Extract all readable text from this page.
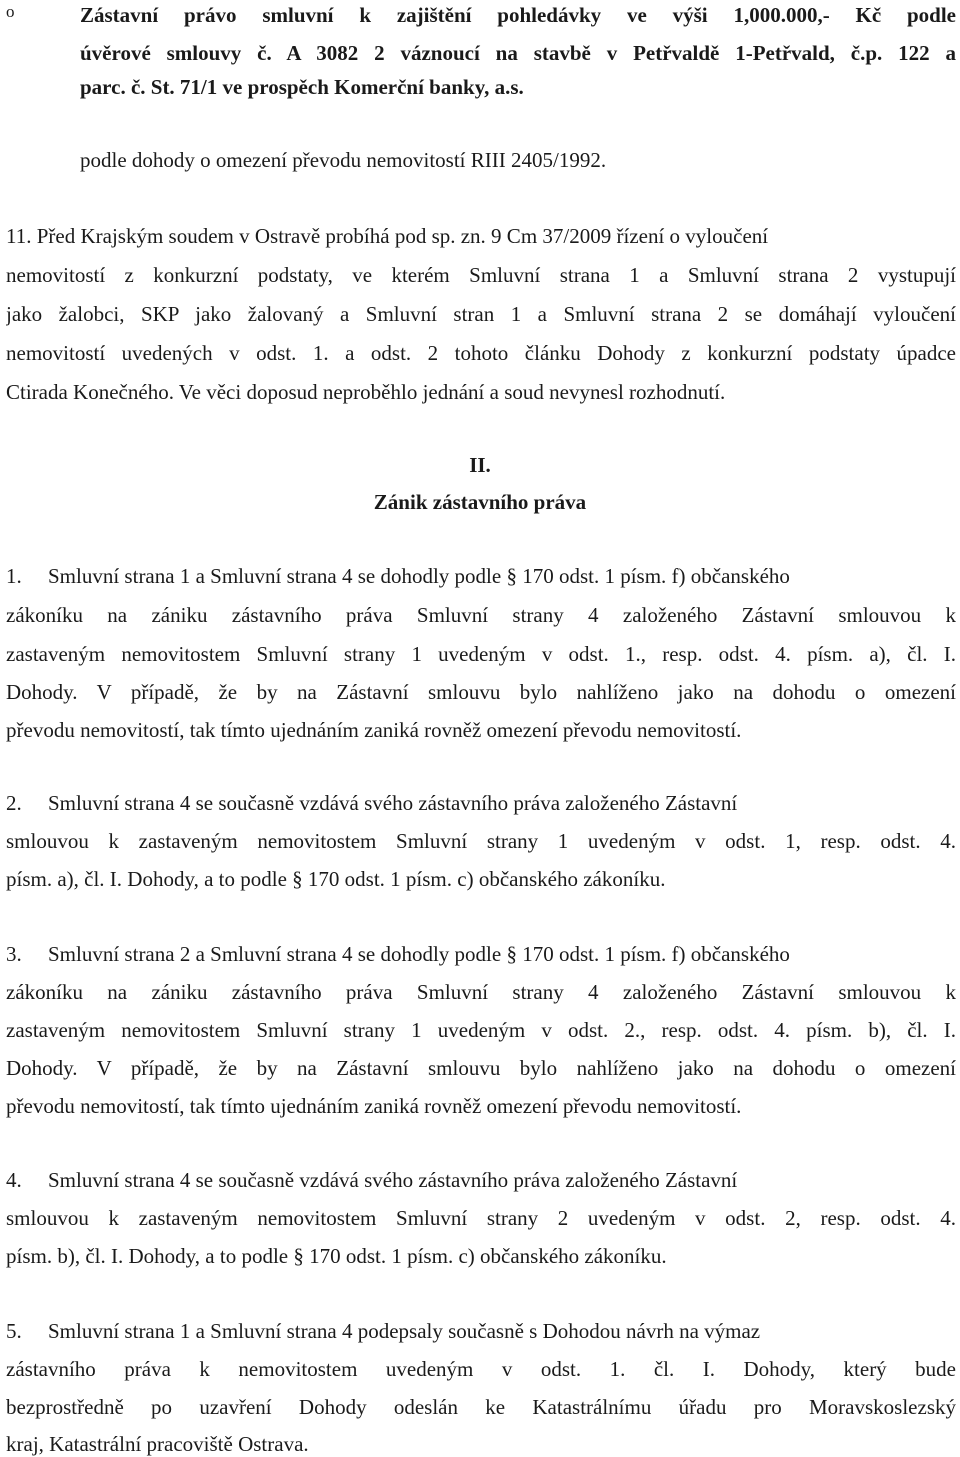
Zástavní právo smluvní k zajištění pohledávky ve výši 1,000.000,- Kč podle
o
úvěrové smlouvy č. A 3082 2 váznoucí na stavbě v Petřvaldě 1-Petřvald, č.p. 122 a
parc. č. St. 71/1 ve prospěch Komerční banky, a.s.
podle dohody o omezení převodu nemovitostí RIII 2405/1992.
11. Před Krajským soudem v Ostravě probíhá pod sp. zn. 9 Cm 37/2009 řízení o vyloučení
nemovitostí z konkurzní podstaty, ve kterém Smluvní strana 1 a Smluvní strana 2 vystupují
jako žalobci, SKP jako žalovaný a Smluvní stran 1 a Smluvní strana 2 se domáhají vyloučení
nemovitostí uvedených v odst. 1. a odst. 2 tohoto článku Dohody z konkurzní podstaty úpadce
Ctirada Konečného. Ve věci doposud neproběhlo jednání a soud nevynesl rozhodnutí.
II.
Zánik zástavního práva
1. Smluvní strana 1 a Smluvní strana 4 se dohodly podle § 170 odst. 1 písm. f) občanského
zákoníku na zániku zástavního práva Smluvní strany 4 založeného Zástavní smlouvou k
zastaveným nemovitostem Smluvní strany 1 uvedeným v odst. 1., resp. odst. 4. písm. a), čl. I.
Dohody. V případě, že by na Zástavní smlouvu bylo nahlíženo jako na dohodu o omezení
převodu nemovitostí, tak tímto ujednáním zaniká rovněž omezení převodu nemovitostí.
2. Smluvní strana 4 se současně vzdává svého zástavního práva založeného Zástavní
smlouvou k zastaveným nemovitostem Smluvní strany 1 uvedeným v odst. 1, resp. odst. 4.
písm. a), čl. I. Dohody, a to podle § 170 odst. 1 písm. c) občanského zákoníku.
3. Smluvní strana 2 a Smluvní strana 4 se dohodly podle § 170 odst. 1 písm. f) občanského
zákoníku na zániku zástavního práva Smluvní strany 4 založeného Zástavní smlouvou k
zastaveným nemovitostem Smluvní strany 1 uvedeným v odst. 2., resp. odst. 4. písm. b), čl. I.
Dohody. V případě, že by na Zástavní smlouvu bylo nahlíženo jako na dohodu o omezení
převodu nemovitostí, tak tímto ujednáním zaniká rovněž omezení převodu nemovitostí.
4. Smluvní strana 4 se současně vzdává svého zástavního práva založeného Zástavní
smlouvou k zastaveným nemovitostem Smluvní strany 2 uvedeným v odst. 2, resp. odst. 4.
písm. b), čl. I. Dohody, a to podle § 170 odst. 1 písm. c) občanského zákoníku.
5. Smluvní strana 1 a Smluvní strana 4 podepsaly současně s Dohodou návrh na výmaz
zástavního práva k nemovitostem uvedeným v odst. 1. čl. I. Dohody, který bude
bezprostředně po uzavření Dohody odeslán ke Katastrálnímu úřadu pro Moravskoslezský
kraj, Katastrální pracoviště Ostrava.
